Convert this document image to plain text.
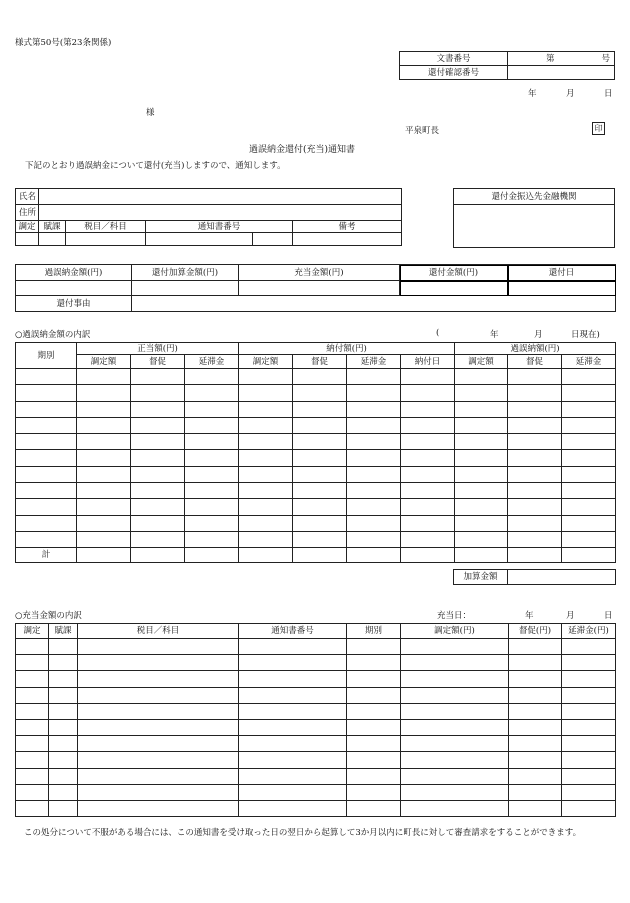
様式第50号(第23条関係)
文書番号	第 号

還付確認番号	
年	月	日
様
平泉町長	印
過誤納金還付(充当)通知書
下記のとおり過誤納金について還付(充当)しますので、通知します。
氏名					
住所					
調定	賦課	税目／科目	通知書番号		備考

還付金振込先金融機関

過誤納金額(円)	還付加算金額(円)	充当金額(円)	還付金額(円)	還付日

還付事由				
○過誤納金額の内訳	(	年	月	日現在)
期別	正当額(円)			納付額(円)				過誤納額(円)		
	調定額	督促	延滞金	調定額	督促	延滞金	納付日	調定額	督促	延滞金

計										
加算金額	
○充当金額の内訳	充当日：	年	月	日
調定	賦課	税目／科目	通知書番号	期別	調定額(円)	督促(円)	延滞金(円)

この処分について不服がある場合には、この通知書を受け取った日の翌日から起算して3か月以内に町長に対して審査請求をすることができます。
